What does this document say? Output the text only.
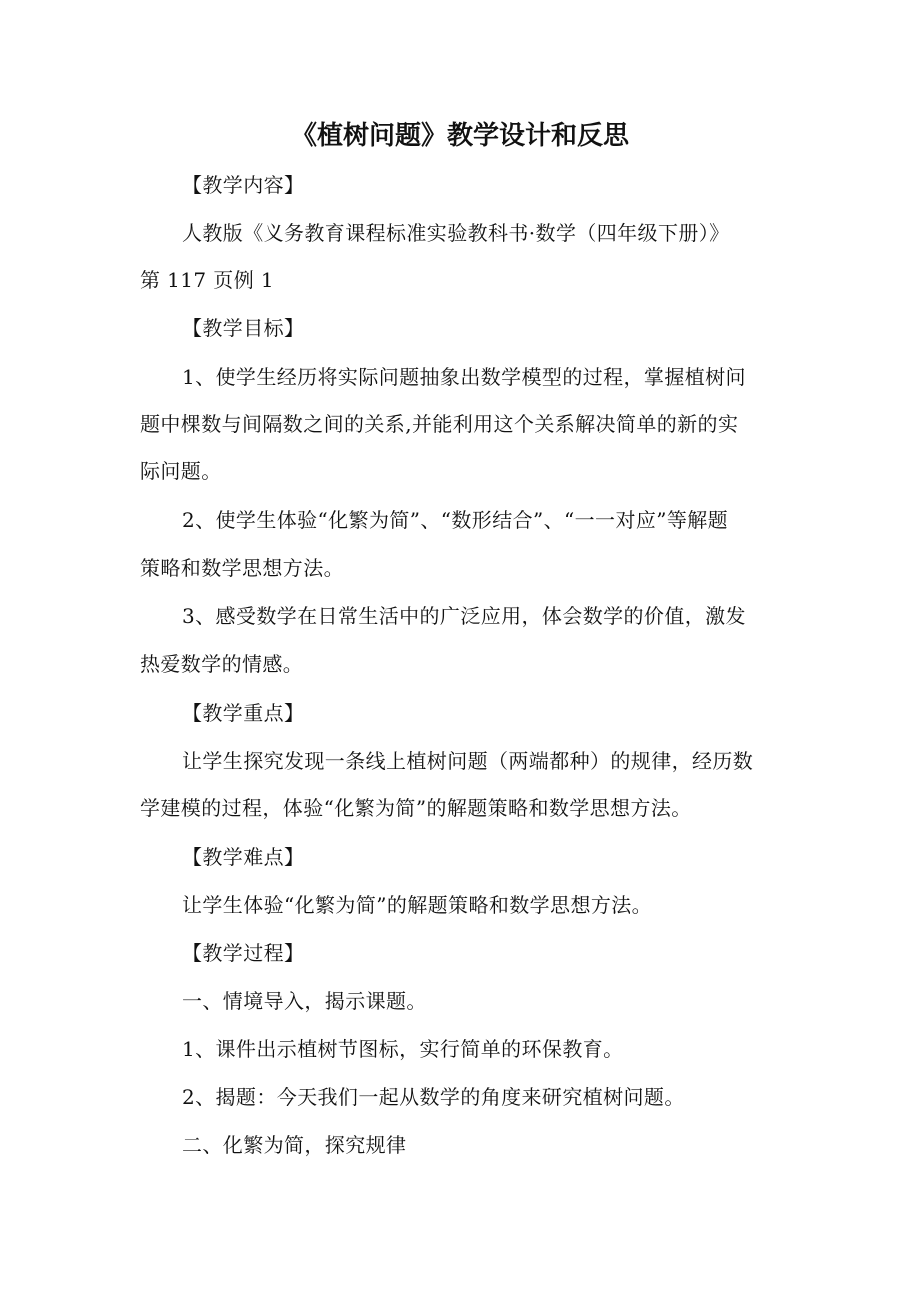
《植树问题》教学设计和反思
【教学内容】
人教版《义务教育课程标准实验教科书·数学（四年级下册）》
第 117 页例 1
【教学目标】
1、使学生经历将实际问题抽象出数学模型的过程，掌握植树问
题中棵数与间隔数之间的关系,并能利用这个关系解决简单的新的实
际问题。
2、使学生体验“化繁为简”、“数形结合”、“一一对应”等解题
策略和数学思想方法。
3、感受数学在日常生活中的广泛应用，体会数学的价值，激发
热爱数学的情感。
【教学重点】
让学生探究发现一条线上植树问题（两端都种）的规律，经历数
学建模的过程，体验“化繁为简”的解题策略和数学思想方法。
【教学难点】
让学生体验“化繁为简”的解题策略和数学思想方法。
【教学过程】
一、情境导入，揭示课题。
1、课件出示植树节图标，实行简单的环保教育。
2、揭题：今天我们一起从数学的角度来研究植树问题。
二、化繁为简，探究规律
